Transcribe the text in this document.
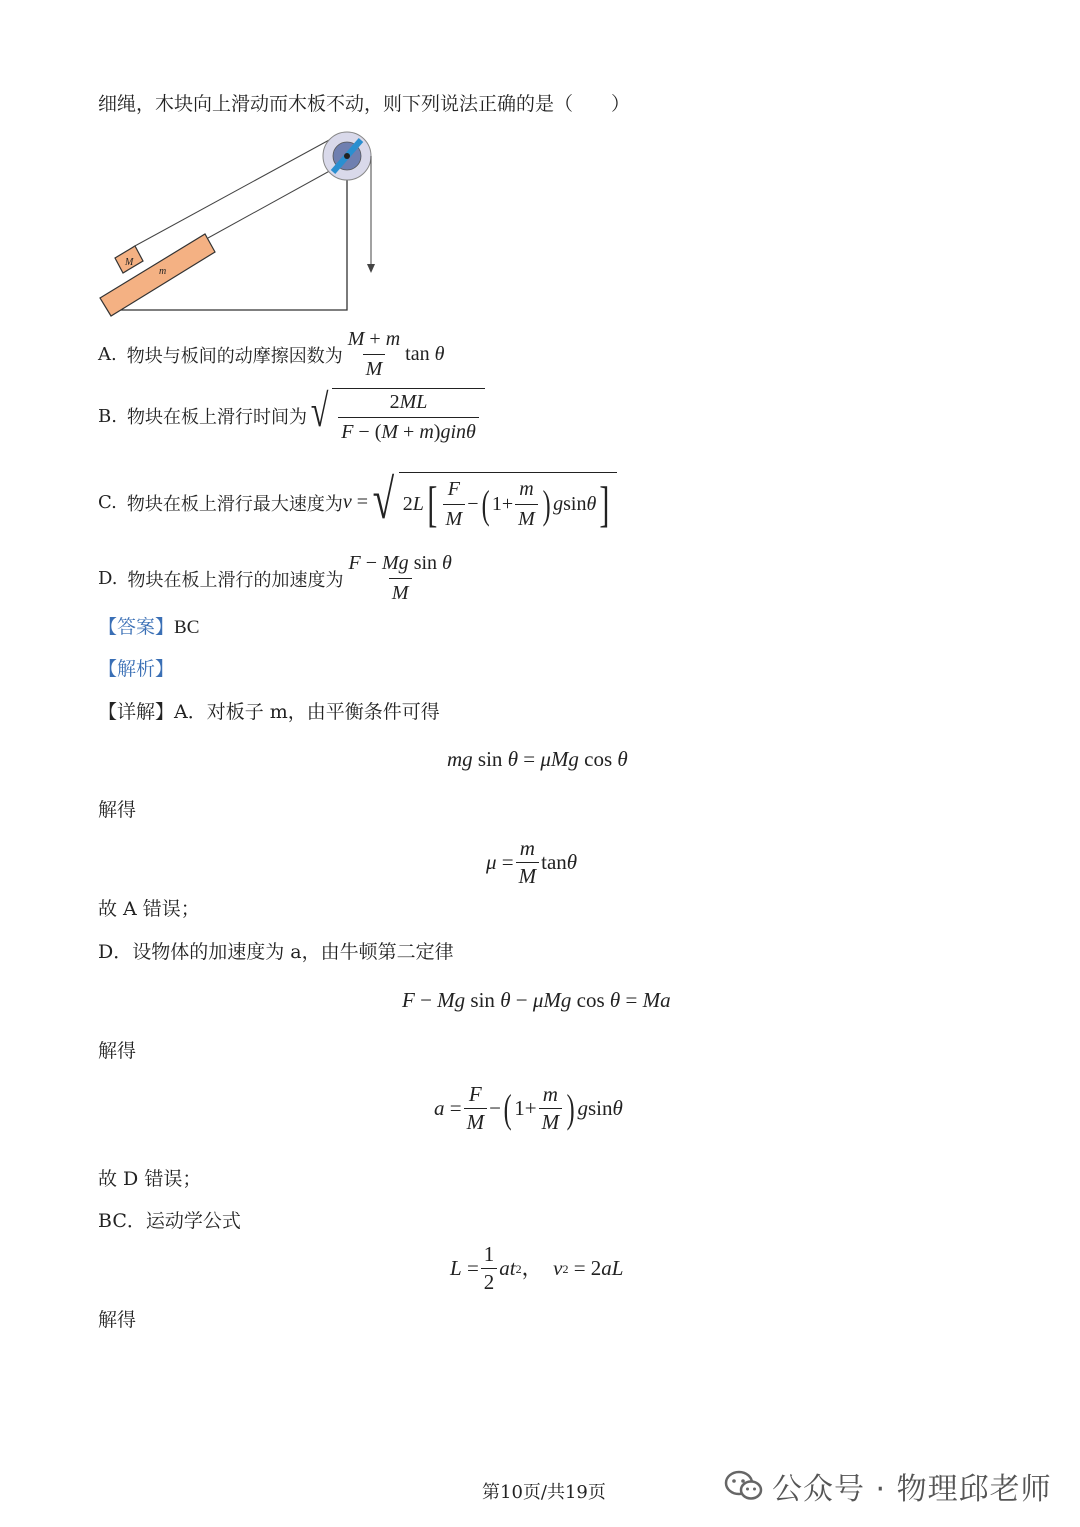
细绳，木块向上滑动而木板不动，则下列说法正确的是（　　）
M
m
A. 物块与板间的动摩擦因数为 $\frac{M + m}{M}$ tan θ
B. 物块在板上滑行时间为 √ $\frac{2ML}{\text{F − (M + m)ginθ}}$
C. 物块在板上滑行最大速度为 v = √ 2 L [ $\frac{F}{M}$ − ( $1+ \frac{m}{M}$ ) g sin θ ]
D. 物块在板上滑行的加速度为 $\frac{\text{F − Mg sin θ}}{M}$
【答案】BC
【解析】
【详解】A．对板子 m，由平衡条件可得
mg sin θ = μMg cos θ
解得
$\mu = \frac{m}{M}$ tan θ
故 A 错误；
D．设物体的加速度为 a，由牛顿第二定律
F − Mg sin θ − μMg cos θ = Ma
解得
$a = \frac{F}{M}$ − ( $1+ \frac{m}{M}$ ) g sin θ
故 D 错误；
BC．运动学公式
$L = \frac{1}{2}$ at 2 ， v 2 = 2 aL
解得
第10页/共19页	公众号 · 物理邱老师
